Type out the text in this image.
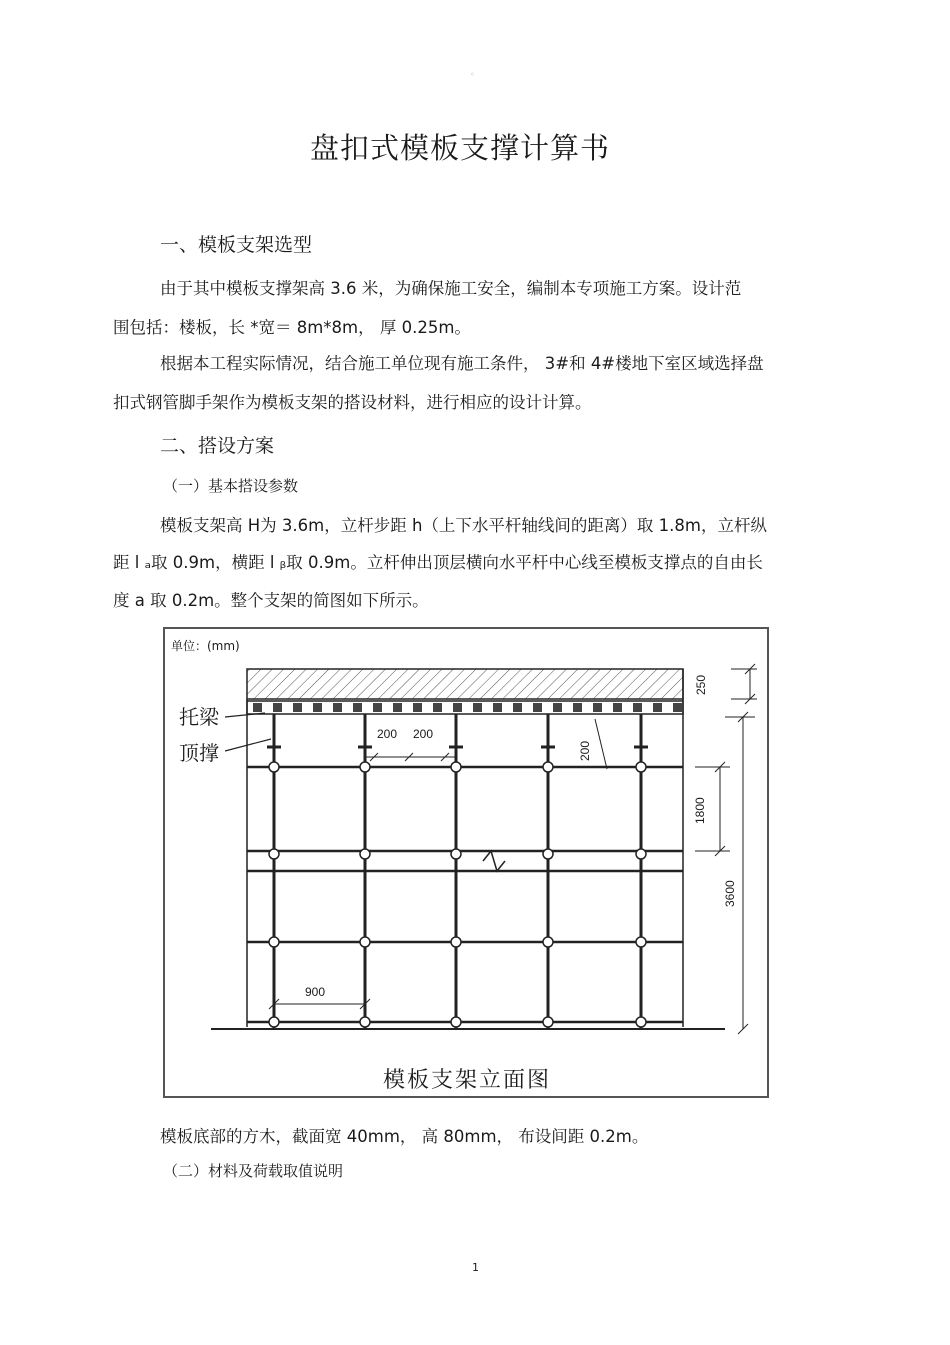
◦
盘扣式模板支撑计算书
一、模板支架选型
由于其中模板支撑架高 3.6 米，为确保施工安全，编制本专项施工方案。设计范
围包括：楼板，长 *宽＝ 8m*8m， 厚 0.25m。
根据本工程实际情况，结合施工单位现有施工条件， 3#和 4#楼地下室区域选择盘
扣式钢管脚手架作为模板支架的搭设材料，进行相应的设计计算。
二、搭设方案
（一）基本搭设参数
模板支架高 H为 3.6m，立杆步距 h（上下水平杆轴线间的距离）取 1.8m，立杆纵
距 l ₐ取 0.9m，横距 l ᵦ取 0.9m。立杆伸出顶层横向水平杆中心线至模板支撑点的自由长
度 a 取 0.2m。整个支架的简图如下所示。
单位：(mm)
托梁
顶撑
200 200
200
250
1800
3600
900
模板支架立面图
模板底部的方木，截面宽 40mm， 高 80mm， 布设间距 0.2m。
（二）材料及荷载取值说明
1
